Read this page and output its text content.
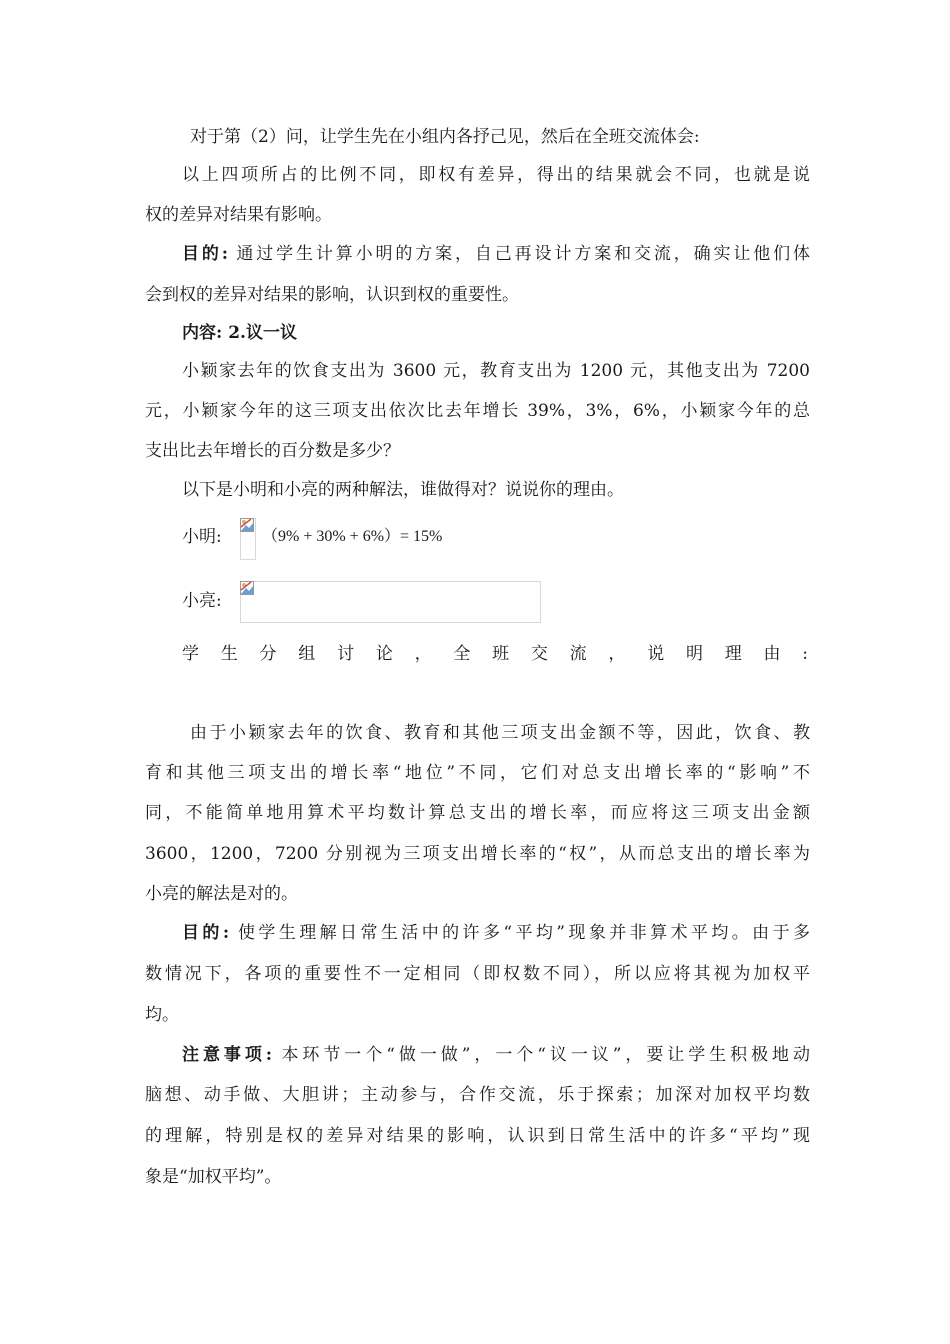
对于第（2）问，让学生先在小组内各抒己见，然后在全班交流体会:
以上四项所占的比例不同，即权有差异，得出的结果就会不同，也就是说
权的差异对结果有影响。
目的: 通过学生计算小明的方案，自己再设计方案和交流，确实让他们体
会到权的差异对结果的影响，认识到权的重要性。
内容: 2.议一议
小颖家去年的饮食支出为 3600 元，教育支出为 1200 元，其他支出为 7200
元，小颖家今年的这三项支出依次比去年增长 39%，3%，6%，小颖家今年的总
支出比去年增长的百分数是多少？
以下是小明和小亮的两种解法，谁做得对？说说你的理由。
小明:	（9% + 30% + 6%）= 15%
小亮:
学生分组讨论，全班交流，说明理由:
由于小颖家去年的饮食、教育和其他三项支出金额不等，因此，饮食、教
育和其他三项支出的增长率“地位”不同，它们对总支出增长率的“影响”不
同，不能简单地用算术平均数计算总支出的增长率，而应将这三项支出金额
3600，1200，7200 分别视为三项支出增长率的“权”，从而总支出的增长率为
小亮的解法是对的。
目的: 使学生理解日常生活中的许多“平均”现象并非算术平均。由于多
数情况下，各项的重要性不一定相同（即权数不同），所以应将其视为加权平
均。
注意事项: 本环节一个“做一做”，一个“议一议”，要让学生积极地动
脑想、动手做、大胆讲；主动参与，合作交流，乐于探索；加深对加权平均数
的理解，特别是权的差异对结果的影响，认识到日常生活中的许多“平均”现
象是“加权平均”。
